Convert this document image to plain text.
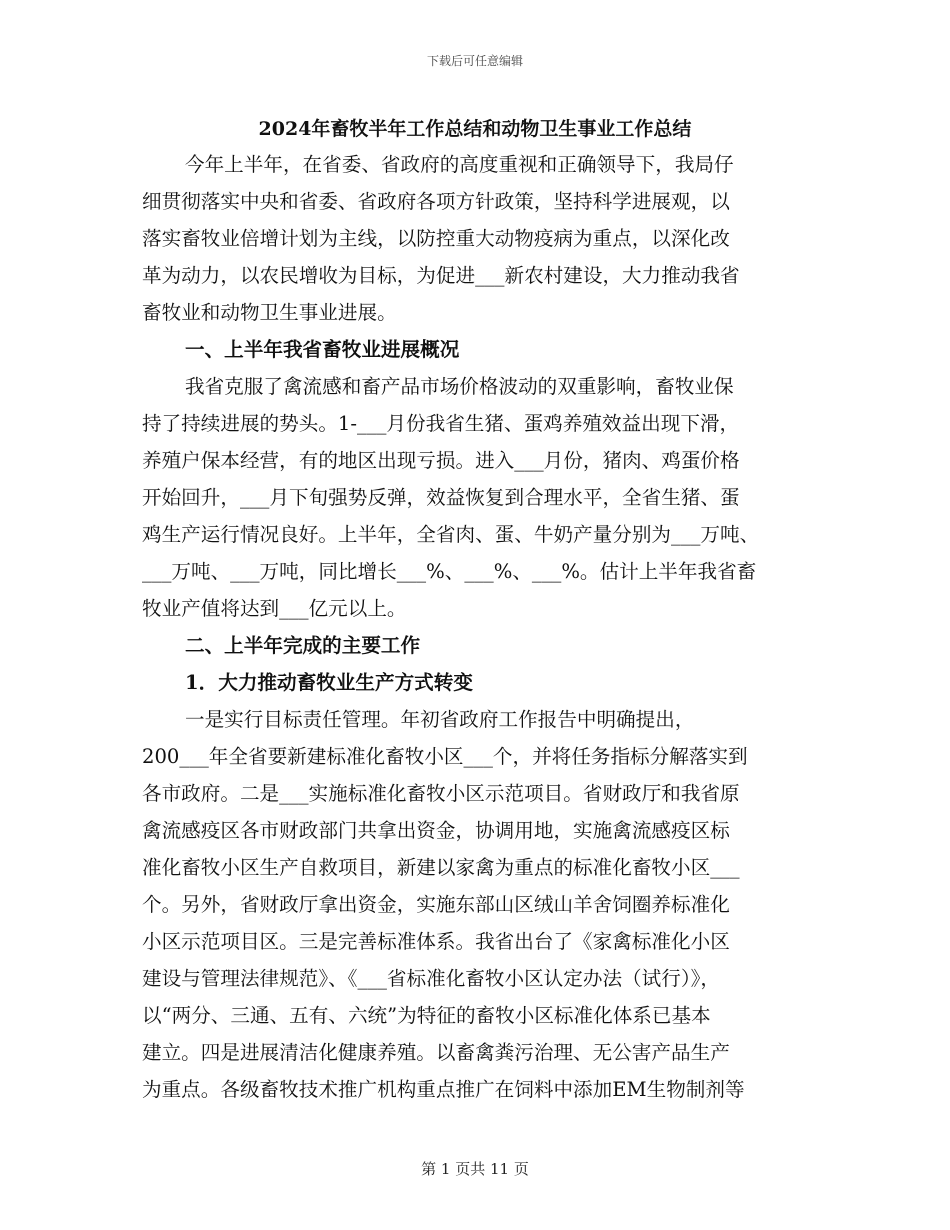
下载后可任意编辑
2024年畜牧半年工作总结和动物卫生事业工作总结
今年上半年，在省委、省政府的高度重视和正确领导下，我局仔
细贯彻落实中央和省委、省政府各项方针政策，坚持科学进展观，以
落实畜牧业倍增计划为主线，以防控重大动物疫病为重点，以深化改
革为动力，以农民增收为目标，为促进___新农村建设，大力推动我省
畜牧业和动物卫生事业进展。
一、上半年我省畜牧业进展概况
我省克服了禽流感和畜产品市场价格波动的双重影响，畜牧业保
持了持续进展的势头。1-___月份我省生猪、蛋鸡养殖效益出现下滑，
养殖户保本经营，有的地区出现亏损。进入___月份，猪肉、鸡蛋价格
开始回升，___月下旬强势反弹，效益恢复到合理水平，全省生猪、蛋
鸡生产运行情况良好。上半年，全省肉、蛋、牛奶产量分别为___万吨、
___万吨、___万吨，同比增长___%、___%、___%。估计上半年我省畜
牧业产值将达到___亿元以上。
二、上半年完成的主要工作
1．大力推动畜牧业生产方式转变
一是实行目标责任管理。年初省政府工作报告中明确提出，
200___年全省要新建标准化畜牧小区___个，并将任务指标分解落实到
各市政府。二是___实施标准化畜牧小区示范项目。省财政厅和我省原
禽流感疫区各市财政部门共拿出资金，协调用地，实施禽流感疫区标
准化畜牧小区生产自救项目，新建以家禽为重点的标准化畜牧小区___
个。另外，省财政厅拿出资金，实施东部山区绒山羊舍饲圈养标准化
小区示范项目区。三是完善标准体系。我省出台了《家禽标准化小区
建设与管理法律规范》、《___省标准化畜牧小区认定办法（试行）》，
以“两分、三通、五有、六统”为特征的畜牧小区标准化体系已基本
建立。四是进展清洁化健康养殖。以畜禽粪污治理、无公害产品生产
为重点。各级畜牧技术推广机构重点推广在饲料中添加EM生物制剂等
第 1 页共 11 页
